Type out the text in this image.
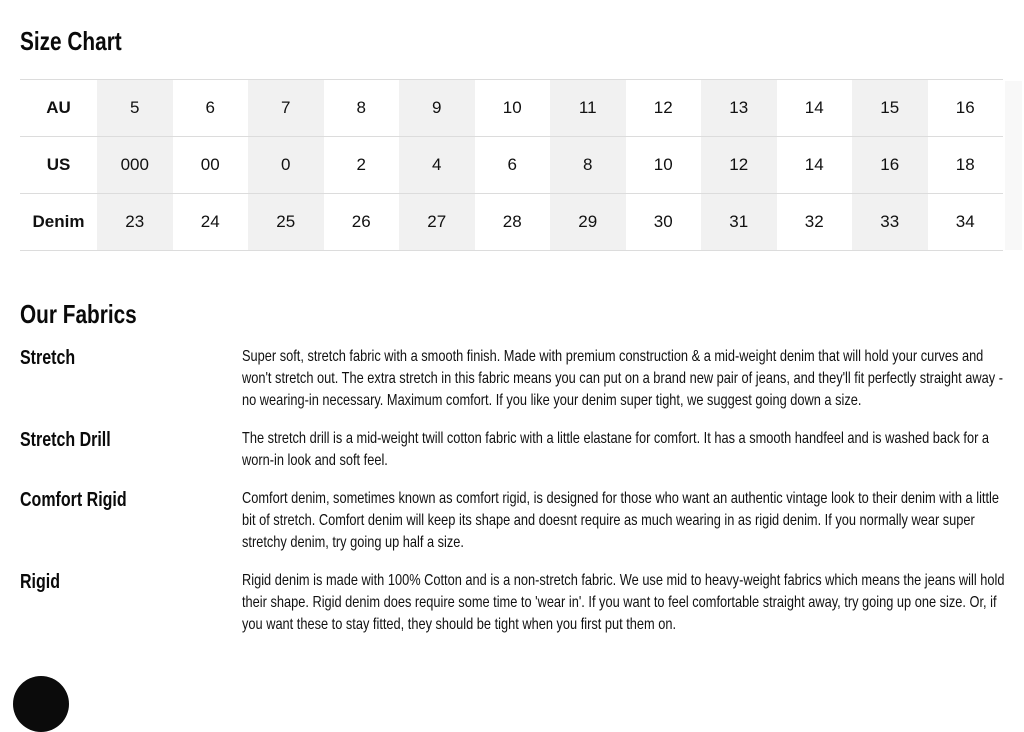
Size Chart
AU	5	6	7	8	9	10	11	12	13	14	15	16
US	000	00	0	2	4	6	8	10	12	14	16	18
Denim	23	24	25	26	27	28	29	30	31	32	33	34
Our Fabrics
Stretch	Super soft, stretch fabric with a smooth finish. Made with premium construction & a mid-weight denim that will hold your curves and won't stretch out. The extra stretch in this fabric means you can put on a brand new pair of jeans, and they'll fit perfectly straight away - no wearing-in necessary. Maximum comfort. If you like your denim super tight, we suggest going down a size.

Stretch Drill	The stretch drill is a mid-weight twill cotton fabric with a little elastane for comfort. It has a smooth handfeel and is washed back for a worn-in look and soft feel.

Comfort Rigid	Comfort denim, sometimes known as comfort rigid, is designed for those who want an authentic vintage look to their denim with a little bit of stretch. Comfort denim will keep its shape and doesnt require as much wearing in as rigid denim. If you normally wear super stretchy denim, try going up half a size.

Rigid	Rigid denim is made with 100% Cotton and is a non-stretch fabric. We use mid to heavy-weight fabrics which means the jeans will hold their shape. Rigid denim does require some time to 'wear in'. If you want to feel comfortable straight away, try going up one size. Or, if you want these to stay fitted, they should be tight when you first put them on.
